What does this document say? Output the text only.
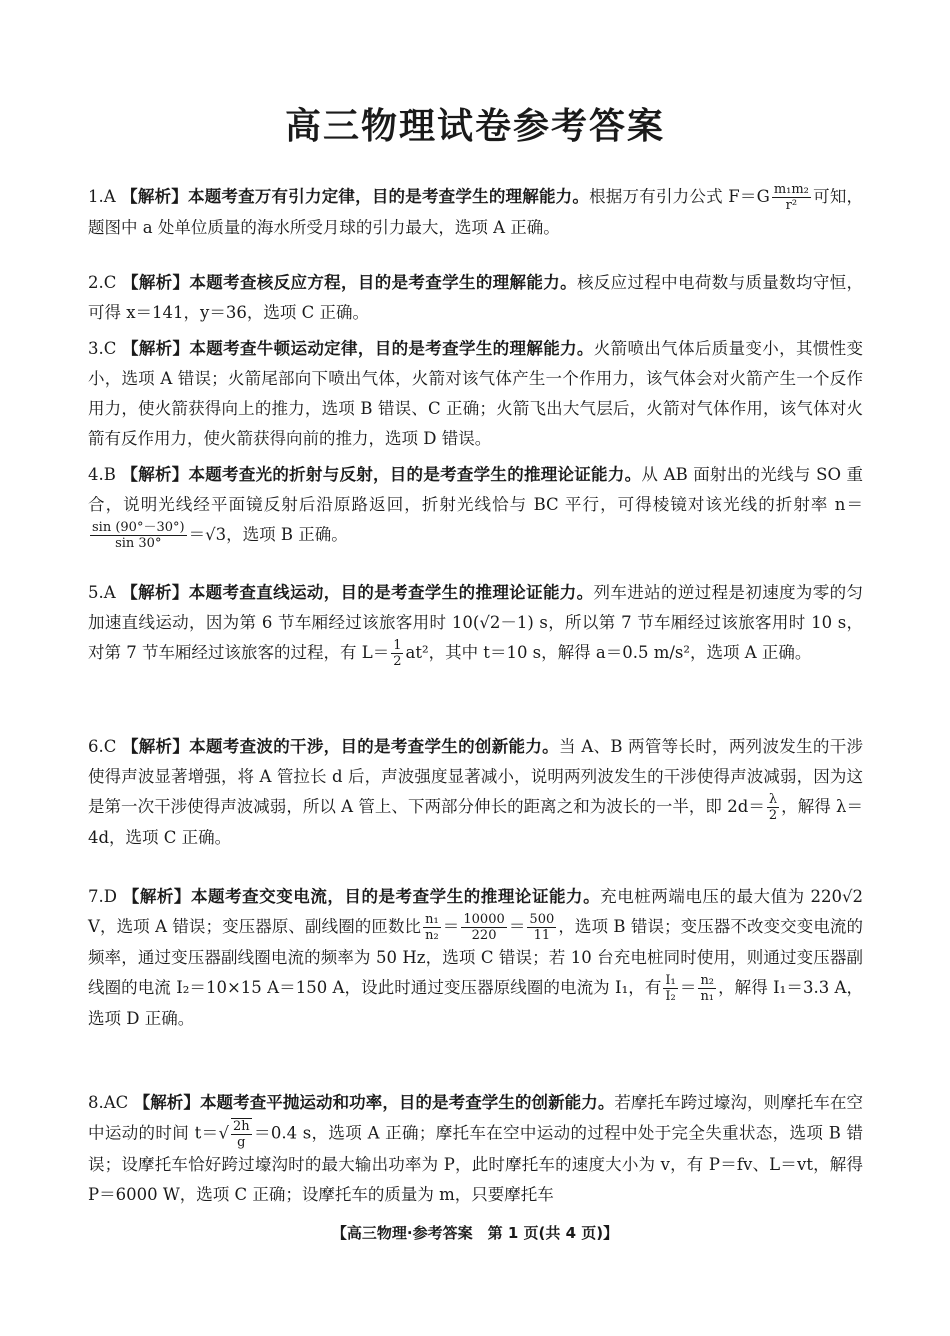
高三物理试卷参考答案
1.A 【解析】本题考查万有引力定律，目的是考查学生的理解能力。根据万有引力公式 $F=G \frac{\text{m₁m₂}}{\text{r²}}$ 可知，题图中 a 处单位质量的海水所受月球的引力最大，选项 A 正确。
2.C 【解析】本题考查核反应方程，目的是考查学生的理解能力。核反应过程中电荷数与质量数均守恒，可得 x＝141，y＝36，选项 C 正确。
3.C 【解析】本题考查牛顿运动定律，目的是考查学生的理解能力。火箭喷出气体后质量变小，其惯性变小，选项 A 错误；火箭尾部向下喷出气体，火箭对该气体产生一个作用力，该气体会对火箭产生一个反作用力，使火箭获得向上的推力，选项 B 错误、C 正确；火箭飞出大气层后，火箭对气体作用，该气体对火箭有反作用力，使火箭获得向前的推力，选项 D 错误。
4.B 【解析】本题考查光的折射与反射，目的是考查学生的推理论证能力。从 AB 面射出的光线与 SO 重合，说明光线经平面镜反射后沿原路返回，折射光线恰与 BC 平行，可得棱镜对该光线的折射率 n＝
$\frac{\sin (90^\circ-30^\circ)}{\sin 30^\circ} =√3$，选项 B 正确。
5.A 【解析】本题考查直线运动，目的是考查学生的推理论证能力。列车进站的逆过程是初速度为零的匀加速直线运动，因为第 6 节车厢经过该旅客用时 10(√2－1) s，所以第 7 节车厢经过该旅客用时 10 s，对第 7 节车厢经过该旅客的过程，有 $L= \frac{1}{2} at^2$，其中 t＝10 s，解得 a＝0.5 m/s²，选项 A 正确。
6.C 【解析】本题考查波的干涉，目的是考查学生的创新能力。当 A、B 两管等长时，两列波发生的干涉使得声波显著增强，将 A 管拉长 d 后，声波强度显著减小，说明两列波发生的干涉使得声波减弱，因为这是第一次干涉使得声波减弱，所以 A 管上、下两部分伸长的距离之和为波长的一半，即 $2d= \frac{\lambda}{2}$ ，解得 λ＝4d，选项 C 正确。
7.D 【解析】本题考查交变电流，目的是考查学生的推理论证能力。充电桩两端电压的最大值为 220√2 V，选项 A 错误；变压器原、副线圈的匝数比 $\frac{\text{n₁}}{\text{n₂}} = \frac{10000}{220} = \frac{500}{11}$ ，选项 B 错误；变压器不改变交变电流的频率，通过变压器副线圈电流的频率为 50 Hz，选项 C 错误；若 10 台充电桩同时使用，则通过变压器副线圈的电流 I₂＝10×15 A＝150 A，设此时通过变压器原线圈的电流为 I₁，有 $\frac{\text{I₁}}{\text{I₂}} = \frac{\text{n₂}}{\text{n₁}}$ ，解得 I₁＝3.3 A，选项 D 正确。
8.AC 【解析】本题考查平抛运动和功率，目的是考查学生的创新能力。若摩托车跨过壕沟，则摩托车在空中运动的时间 $t=√ \frac{2h}{g} =0.4$ s，选项 A 正确；摩托车在空中运动的过程中处于完全失重状态，选项 B 错误；设摩托车恰好跨过壕沟时的最大输出功率为 P，此时摩托车的速度大小为 v，有 P＝fv、L＝vt，解得 P＝6000 W，选项 C 正确；设摩托车的质量为 m，只要摩托车
【高三物理·参考答案　第 1 页(共 4 页)】
